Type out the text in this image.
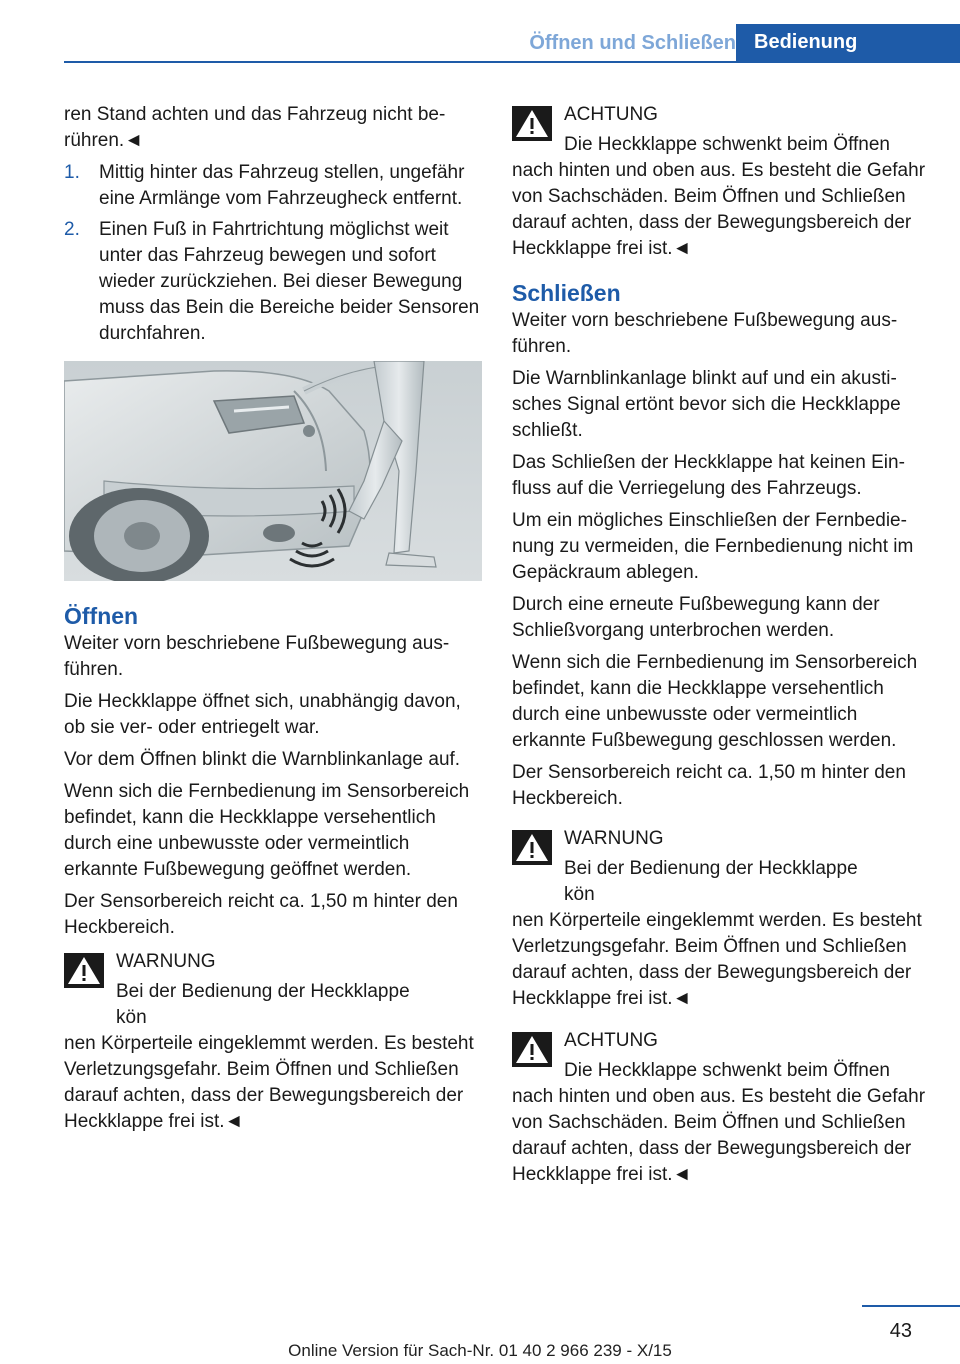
Öffnen und Schließen Bedienung

ren Stand achten und das Fahrzeug nicht berühren.◄

1.	Mittig hinter das Fahrzeug stellen, ungefähr eine Armlänge vom Fahrzeugheck entfernt.
2.	Einen Fuß in Fahrtrichtung möglichst weit unter das Fahrzeug bewegen und sofort wieder zurückziehen. Bei dieser Bewegung muss das Bein die Bereiche beider Sensoren durchfahren.
Öffnen

Weiter vorn beschriebene Fußbewegung ausführen.

Die Heckklappe öffnet sich, unabhängig davon, ob sie ver- oder entriegelt war.

Vor dem Öffnen blinkt die Warnblinkanlage auf.

Wenn sich die Fernbedienung im Sensorbereich befindet, kann die Heckklappe versehentlich durch eine unbewusste oder vermeintlich erkannte Fußbewegung geöffnet werden.

Der Sensorbereich reicht ca. 1,50 m hinter den Heckbereich.

WARNUNG
Bei der Bedienung der Heckklappe kön
nen Körperteile eingeklemmt werden. Es besteht Verletzungsgefahr. Beim Öffnen und Schließen darauf achten, dass der Bewegungsbereich der Heckklappe frei ist.◄
ACHTUNG
Die Heckklappe schwenkt beim Öffnen
nach hinten und oben aus. Es besteht die Gefahr von Sachschäden. Beim Öffnen und Schließen darauf achten, dass der Bewegungsbereich der Heckklappe frei ist.◄
Schließen

Weiter vorn beschriebene Fußbewegung ausführen.

Die Warnblinkanlage blinkt auf und ein akustisches Signal ertönt bevor sich die Heckklappe schließt.

Das Schließen der Heckklappe hat keinen Einfluss auf die Verriegelung des Fahrzeugs.

Um ein mögliches Einschließen der Fernbedienung zu vermeiden, die Fernbedienung nicht im Gepäckraum ablegen.

Durch eine erneute Fußbewegung kann der Schließvorgang unterbrochen werden.

Wenn sich die Fernbedienung im Sensorbereich befindet, kann die Heckklappe versehentlich durch eine unbewusste oder vermeintlich erkannte Fußbewegung geschlossen werden.

Der Sensorbereich reicht ca. 1,50 m hinter den Heckbereich.

WARNUNG
Bei der Bedienung der Heckklappe kön
nen Körperteile eingeklemmt werden. Es besteht Verletzungsgefahr. Beim Öffnen und Schließen darauf achten, dass der Bewegungsbereich der Heckklappe frei ist.◄
ACHTUNG
Die Heckklappe schwenkt beim Öffnen
nach hinten und oben aus. Es besteht die Gefahr von Sachschäden. Beim Öffnen und Schließen darauf achten, dass der Bewegungsbereich der Heckklappe frei ist.◄
43
Online Version für Sach-Nr. 01 40 2 966 239 - X/15
